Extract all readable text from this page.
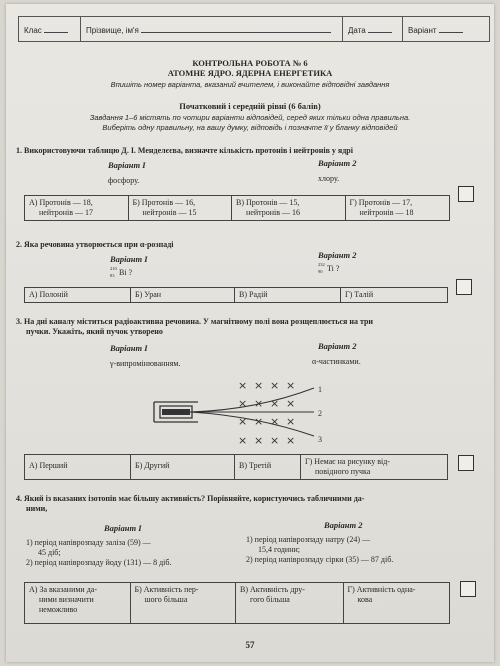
Клас	Прізвище, ім'я	Дата	Варіант
КОНТРОЛЬНА РОБОТА № 6
АТОМНЕ ЯДРО. ЯДЕРНА ЕНЕРГЕТИКА
Впишіть номер варіанта, вказаний вчителем, і виконайте відповідні завдання
Початковий і середній рівні (6 балів)
Завдання 1–6 містять по чотири варіанти відповідей, серед яких тільки одна правильна.
Виберіть одну правильну, на вашу думку, відповідь і позначте її у бланку відповідей
1. Використовуючи таблицю Д. І. Менделєєва, визначте кількість протонів і нейтронів у ядрі
Варіант I	Варіант 2
фосфору.	хлору.
А) Протонів — 18,
нейтронів — 17
Б) Протонів — 16,
нейтронів — 15
В) Протонів — 15,
нейтронів — 16
Г) Протонів — 17,
нейтронів — 18
2. Яка речовина утворюється при α-розпаді
Варіант I	Варіант 2
210
83 Bi ?
232
90 Ti ?
А) Полоній	Б) Уран	В) Радій	Г) Талій
3. На дні каналу міститься радіоактивна речовина. У магнітному полі вона розщеплюється на три
пучки. Укажіть, який пучок утворено
Варіант I	Варіант 2
γ-випромінюванням.	α-частинками.
× × × ×
× × × ×
× × × ×
× × × ×
1
2
3
А) Перший	Б) Другий	В) Третій	Г) Немає на рисунку від-
повідного пучка
4. Який із вказаних ізотопів має більшу активність? Порівняйте, користуючись табличними да-
ними,
Варіант I	Варіант 2
1) період напіврозпаду заліза (59) —
45 діб;
2) період напіврозпаду йоду (131) — 8 діб.
1) період напіврозпаду натру (24) —
15,4 години;
2) період напіврозпаду сірки (35) — 87 діб.
А) За вказаними да-
ними визначити
неможливо
Б) Активність пер-
шого більша
В) Активність дру-
гого більша
Г) Активність одна-
кова
57
